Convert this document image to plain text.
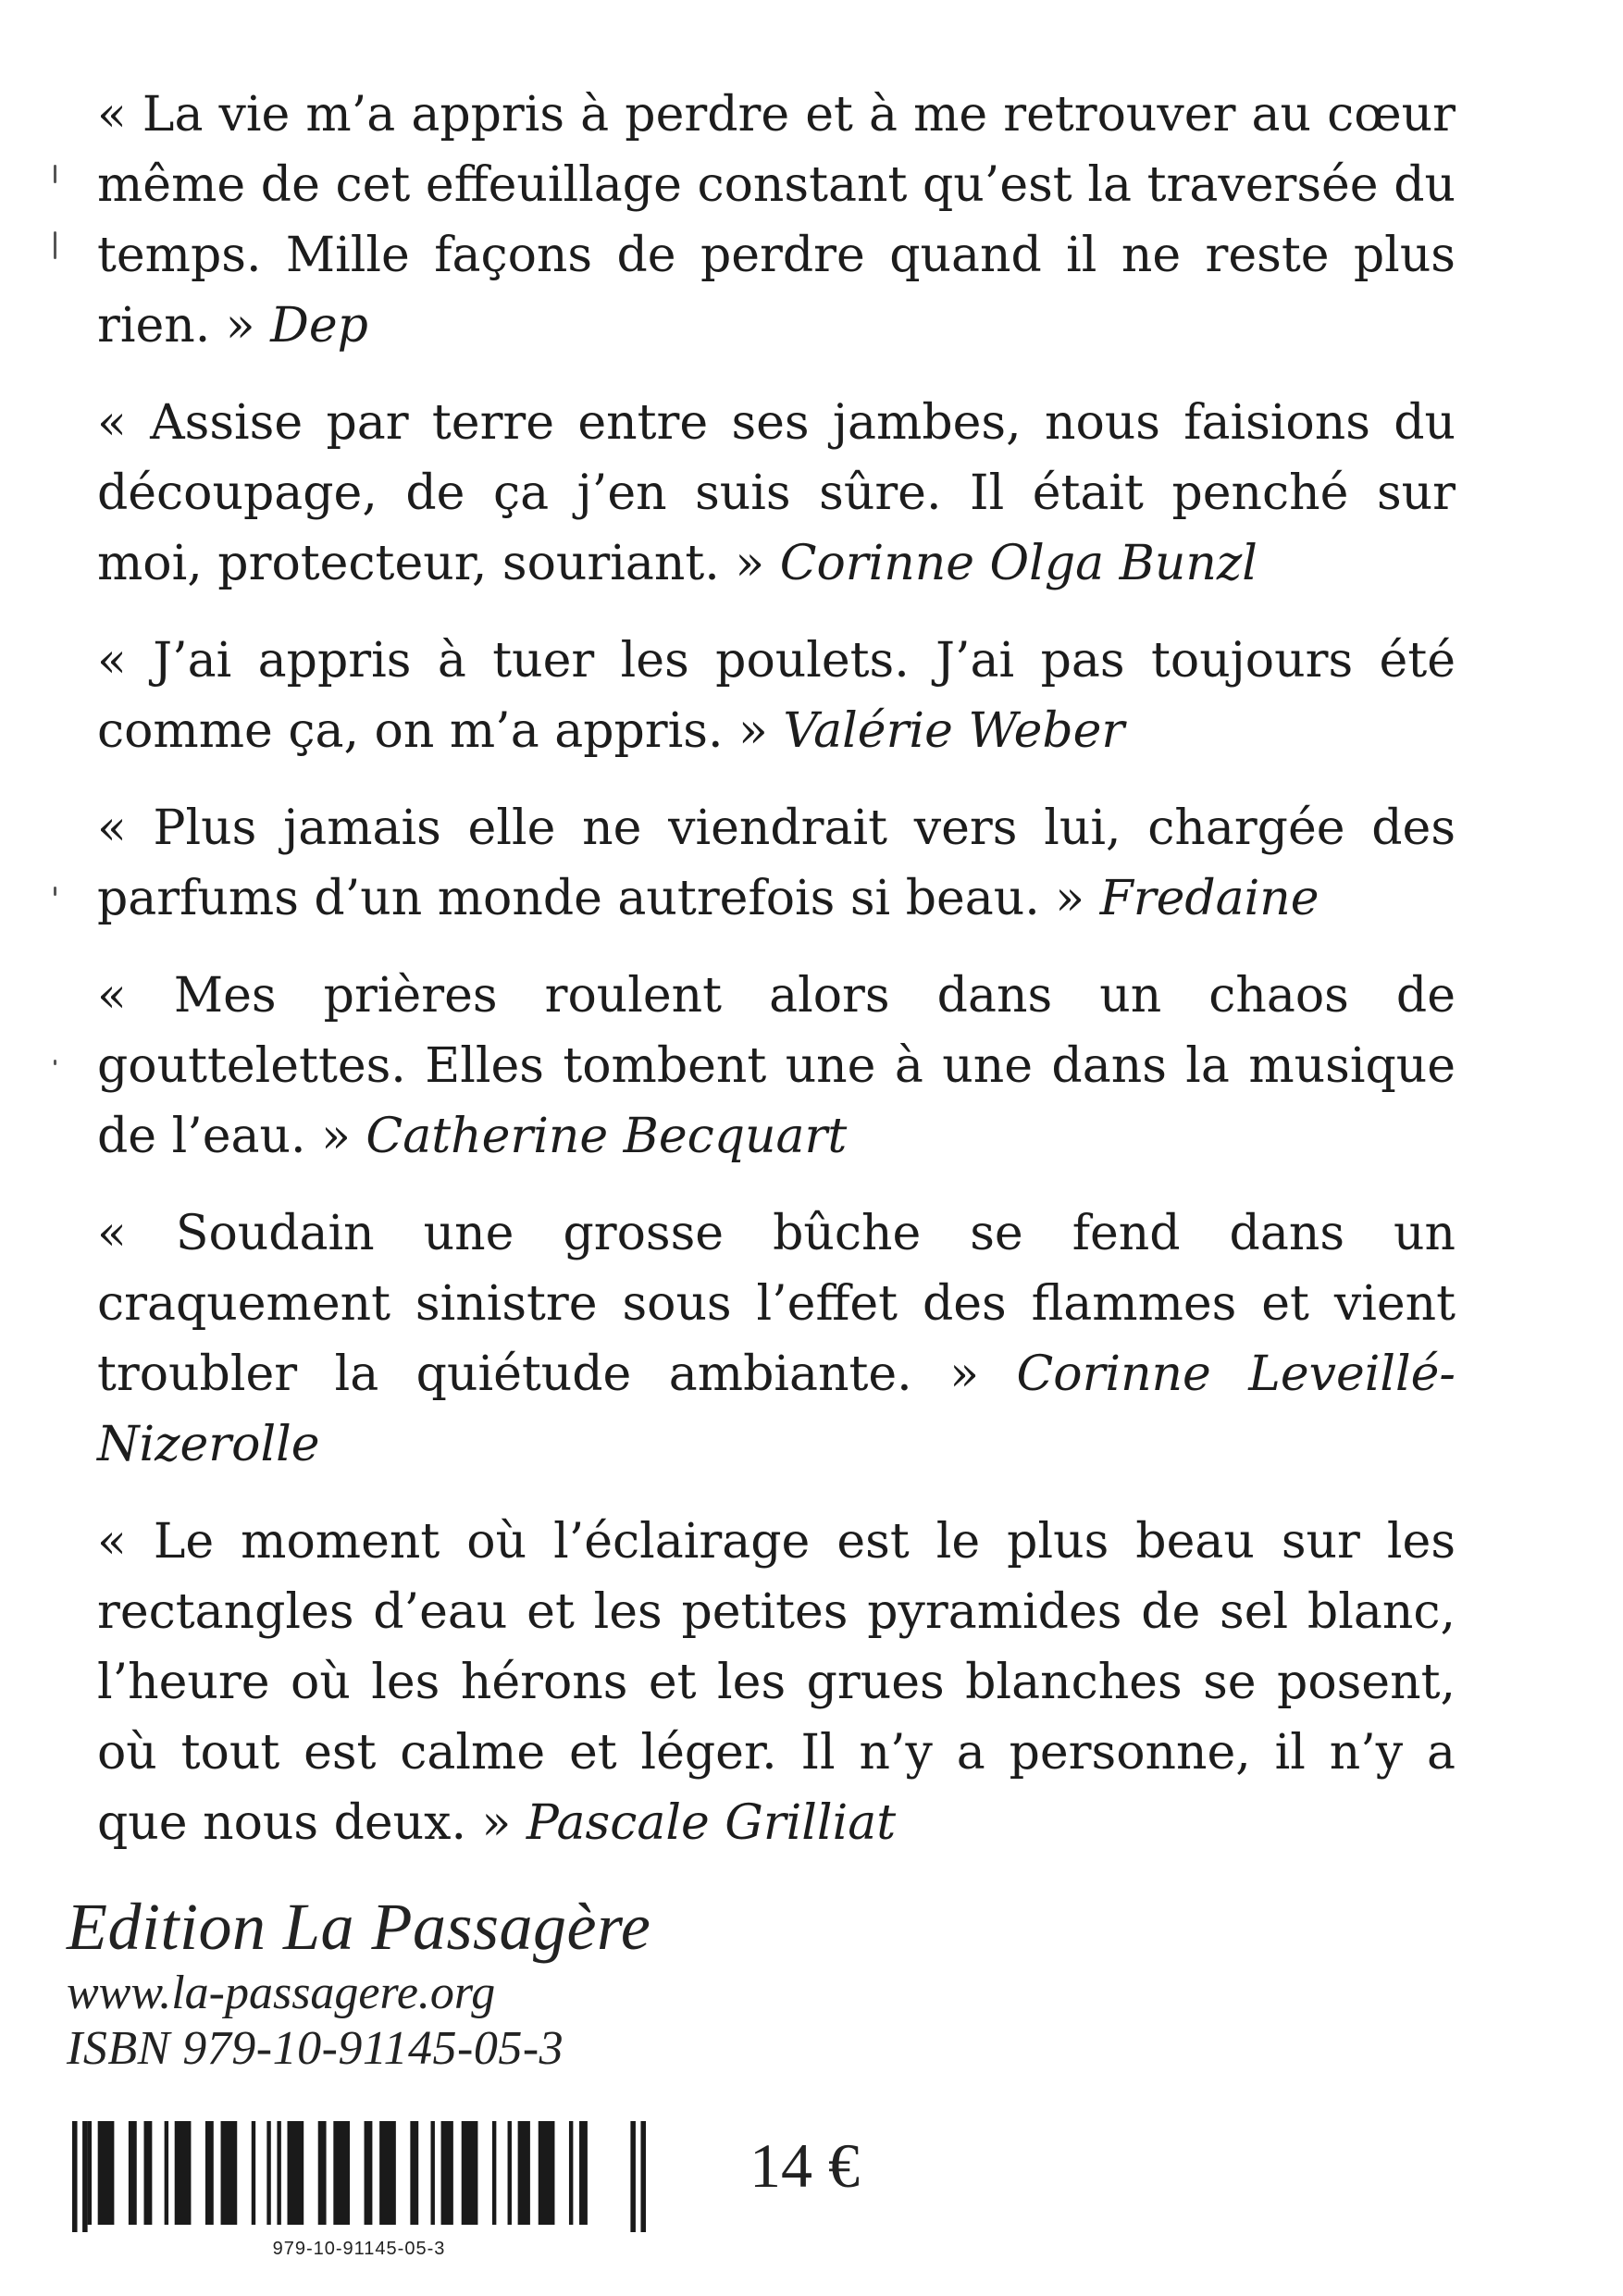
« La vie m’a appris à perdre et à me retrouver au cœur même de cet effeuillage constant qu’est la traversée du temps. Mille façons de perdre quand il ne reste plus rien. » Dep

« Assise par terre entre ses jambes, nous faisions du découpage, de ça j’en suis sûre. Il était penché sur moi, protecteur, souriant. » Corinne Olga Bunzl

« J’ai appris à tuer les poulets. J’ai pas toujours été comme ça, on m’a appris. » Valérie Weber

« Plus jamais elle ne viendrait vers lui, chargée des parfums d’un monde autrefois si beau. » Fredaine

« Mes prières roulent alors dans un chaos de gouttelettes. Elles tombent une à une dans la musique de l’eau. » Catherine Becquart

« Soudain une grosse bûche se fend dans un craquement sinistre sous l’effet des flammes et vient troubler la quiétude ambiante. » Corinne Leveillé-Nizerolle

« Le moment où l’éclairage est le plus beau sur les rectangles d’eau et les petites pyramides de sel blanc, l’heure où les hérons et les grues blanches se posent, où tout est calme et léger. Il n’y a personne, il n’y a que nous deux. » Pascale Grilliat

Edition La Passagère
www.la-passagere.org
ISBN 979-10-91145-05-3
979-10-91145-05-3
14 €
